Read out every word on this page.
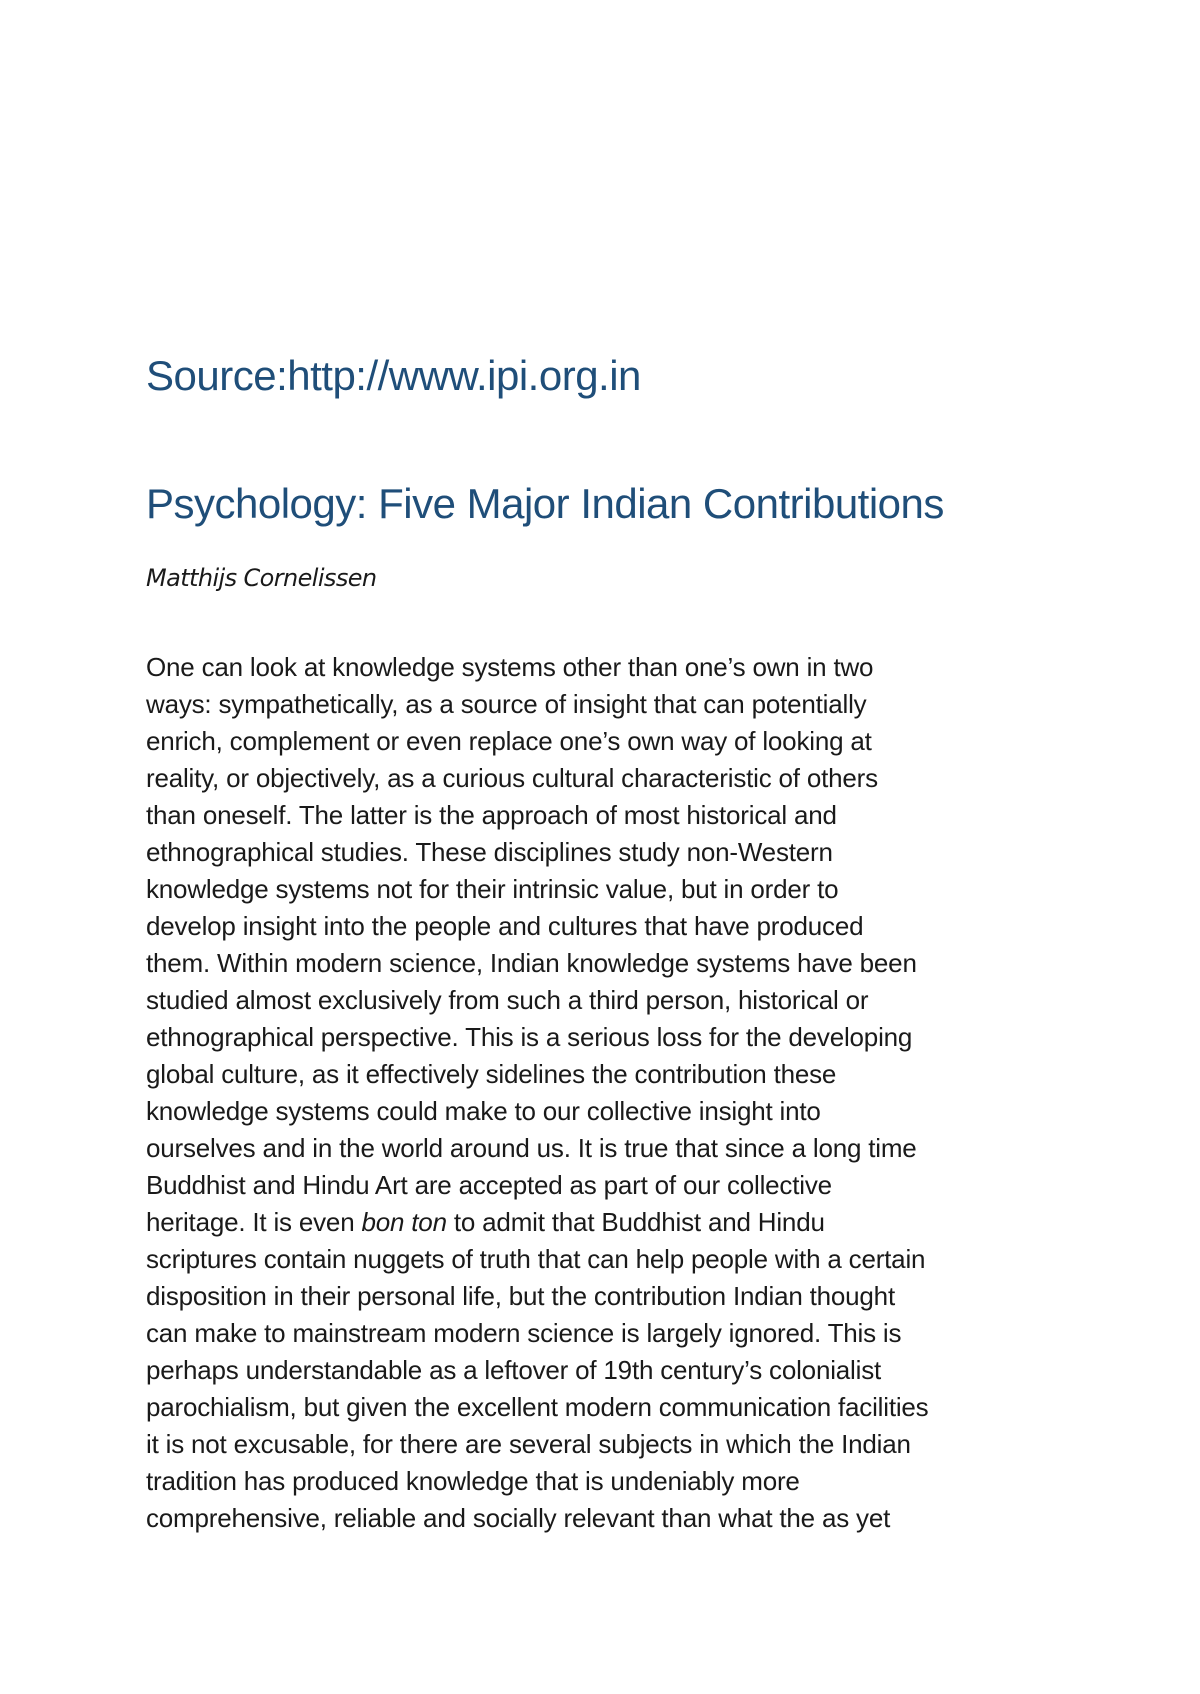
Source:http://www.ipi.org.in
Psychology: Five Major Indian Contributions
Matthijs Cornelissen
One can look at knowledge systems other than one’s own in two
ways: sympathetically, as a source of insight that can potentially
enrich, complement or even replace one’s own way of looking at
reality, or objectively, as a curious cultural characteristic of others
than oneself. The latter is the approach of most historical and
ethnographical studies. These disciplines study non-Western
knowledge systems not for their intrinsic value, but in order to
develop insight into the people and cultures that have produced
them. Within modern science, Indian knowledge systems have been
studied almost exclusively from such a third person, historical or
ethnographical perspective. This is a serious loss for the developing
global culture, as it effectively sidelines the contribution these
knowledge systems could make to our collective insight into
ourselves and in the world around us. It is true that since a long time
Buddhist and Hindu Art are accepted as part of our collective
heritage. It is even bon ton to admit that Buddhist and Hindu
scriptures contain nuggets of truth that can help people with a certain
disposition in their personal life, but the contribution Indian thought
can make to mainstream modern science is largely ignored. This is
perhaps understandable as a leftover of 19th century’s colonialist
parochialism, but given the excellent modern communication facilities
it is not excusable, for there are several subjects in which the Indian
tradition has produced knowledge that is undeniably more
comprehensive, reliable and socially relevant than what the as yet
